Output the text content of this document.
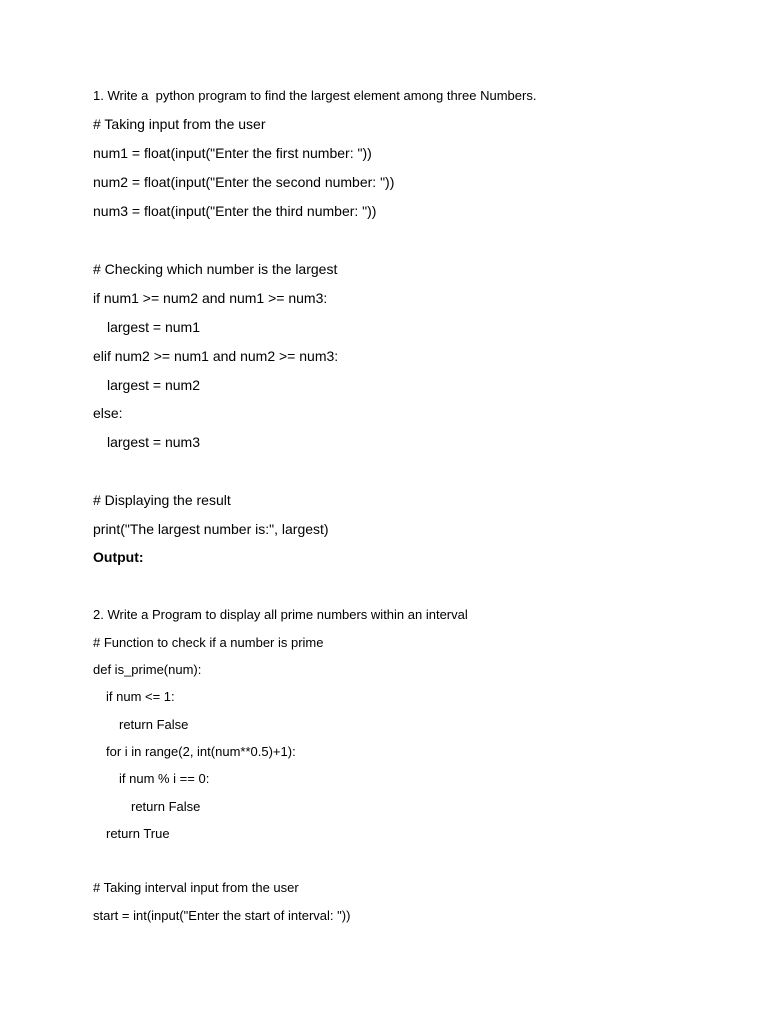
1. Write a  python program to find the largest element among three Numbers.
# Taking input from the user
num1 = float(input("Enter the first number: "))
num2 = float(input("Enter the second number: "))
num3 = float(input("Enter the third number: "))
# Checking which number is the largest
if num1 >= num2 and num1 >= num3:
largest = num1
elif num2 >= num1 and num2 >= num3:
largest = num2
else:
largest = num3
# Displaying the result
print("The largest number is:", largest)
Output:
2. Write a Program to display all prime numbers within an interval
# Function to check if a number is prime
def is_prime(num):
if num <= 1:
return False
for i in range(2, int(num**0.5)+1):
if num % i == 0:
return False
return True
# Taking interval input from the user
start = int(input("Enter the start of interval: "))
